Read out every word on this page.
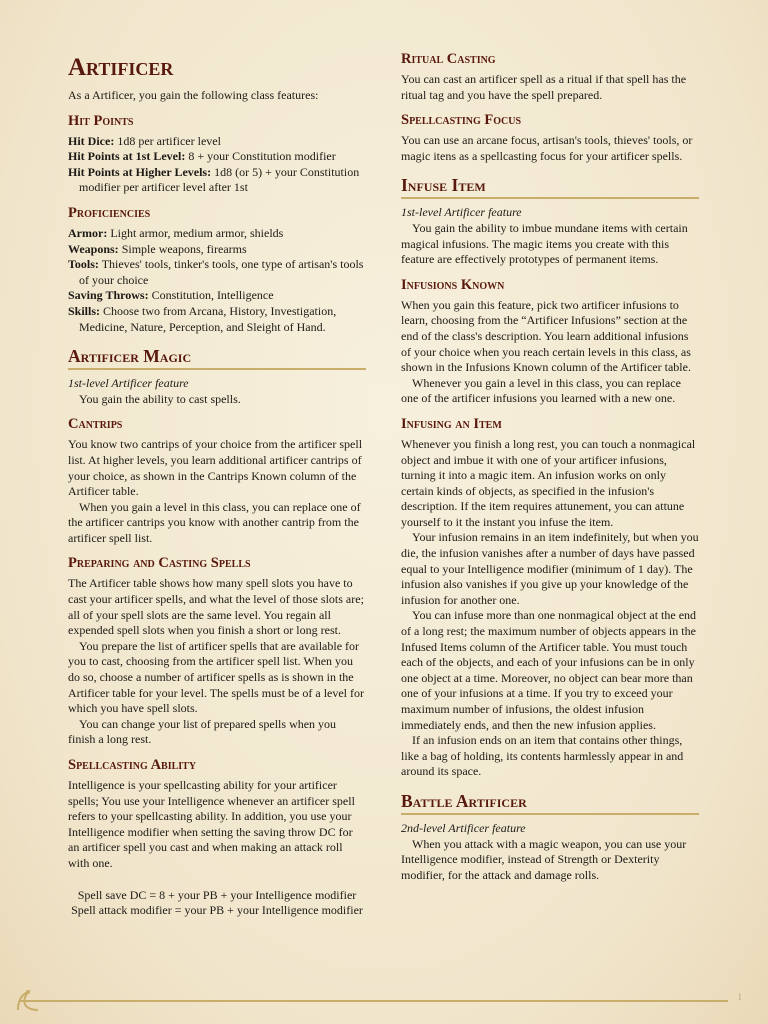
Artificer

As a Artificer, you gain the following class features:

Hit Points

Hit Dice: 1d8 per artificer level

Hit Points at 1st Level: 8 + your Constitution modifier

Hit Points at Higher Levels: 1d8 (or 5) + your Constitution modifier per artificer level after 1st

Proficiencies

Armor: Light armor, medium armor, shields

Weapons: Simple weapons, firearms

Tools: Thieves' tools, tinker's tools, one type of artisan's tools of your choice

Saving Throws: Constitution, Intelligence

Skills: Choose two from Arcana, History, Investigation, Medicine, Nature, Perception, and Sleight of Hand.

Artificer Magic

1st-level Artificer feature

You gain the ability to cast spells.

Cantrips

You know two cantrips of your choice from the artificer spell list. At higher levels, you learn additional artificer cantrips of your choice, as shown in the Cantrips Known column of the Artificer table.

When you gain a level in this class, you can replace one of the artificer cantrips you know with another cantrip from the artificer spell list.

Preparing and Casting Spells

The Artificer table shows how many spell slots you have to cast your artificer spells, and what the level of those slots are; all of your spell slots are the same level. You regain all expended spell slots when you finish a short or long rest.

You prepare the list of artificer spells that are available for you to cast, choosing from the artificer spell list. When you do so, choose a number of artificer spells as is shown in the Artificer table for your level. The spells must be of a level for which you have spell slots.

You can change your list of prepared spells when you finish a long rest.

Spellcasting Ability

Intelligence is your spellcasting ability for your artificer spells; You use your Intelligence whenever an artificer spell refers to your spellcasting ability. In addition, you use your Intelligence modifier when setting the saving throw DC for an artificer spell you cast and when making an attack roll with one.

Spell save DC = 8 + your PB + your Intelligence modifier

Spell attack modifier = your PB + your Intelligence modifier

Ritual Casting

You can cast an artificer spell as a ritual if that spell has the ritual tag and you have the spell prepared.

Spellcasting Focus

You can use an arcane focus, artisan's tools, thieves' tools, or magic itens as a spellcasting focus for your artificer spells.

Infuse Item

1st-level Artificer feature

You gain the ability to imbue mundane items with certain magical infusions. The magic items you create with this feature are effectively prototypes of permanent items.

Infusions Known

When you gain this feature, pick two artificer infusions to learn, choosing from the “Artificer Infusions” section at the end of the class's description. You learn additional infusions of your choice when you reach certain levels in this class, as shown in the Infusions Known column of the Artificer table.

Whenever you gain a level in this class, you can replace one of the artificer infusions you learned with a new one.

Infusing an Item

Whenever you finish a long rest, you can touch a nonmagical object and imbue it with one of your artificer infusions, turning it into a magic item. An infusion works on only certain kinds of objects, as specified in the infusion's description. If the item requires attunement, you can attune yourself to it the instant you infuse the item.

Your infusion remains in an item indefinitely, but when you die, the infusion vanishes after a number of days have passed equal to your Intelligence modifier (minimum of 1 day). The infusion also vanishes if you give up your knowledge of the infusion for another one.

You can infuse more than one nonmagical object at the end of a long rest; the maximum number of objects appears in the Infused Items column of the Artificer table. You must touch each of the objects, and each of your infusions can be in only one object at a time. Moreover, no object can bear more than one of your infusions at a time. If you try to exceed your maximum number of infusions, the oldest infusion immediately ends, and then the new infusion applies.

If an infusion ends on an item that contains other things, like a bag of holding, its contents harmlessly appear in and around its space.

Battle Artificer

2nd-level Artificer feature

When you attack with a magic weapon, you can use your Intelligence modifier, instead of Strength or Dexterity modifier, for the attack and damage rolls.

1
